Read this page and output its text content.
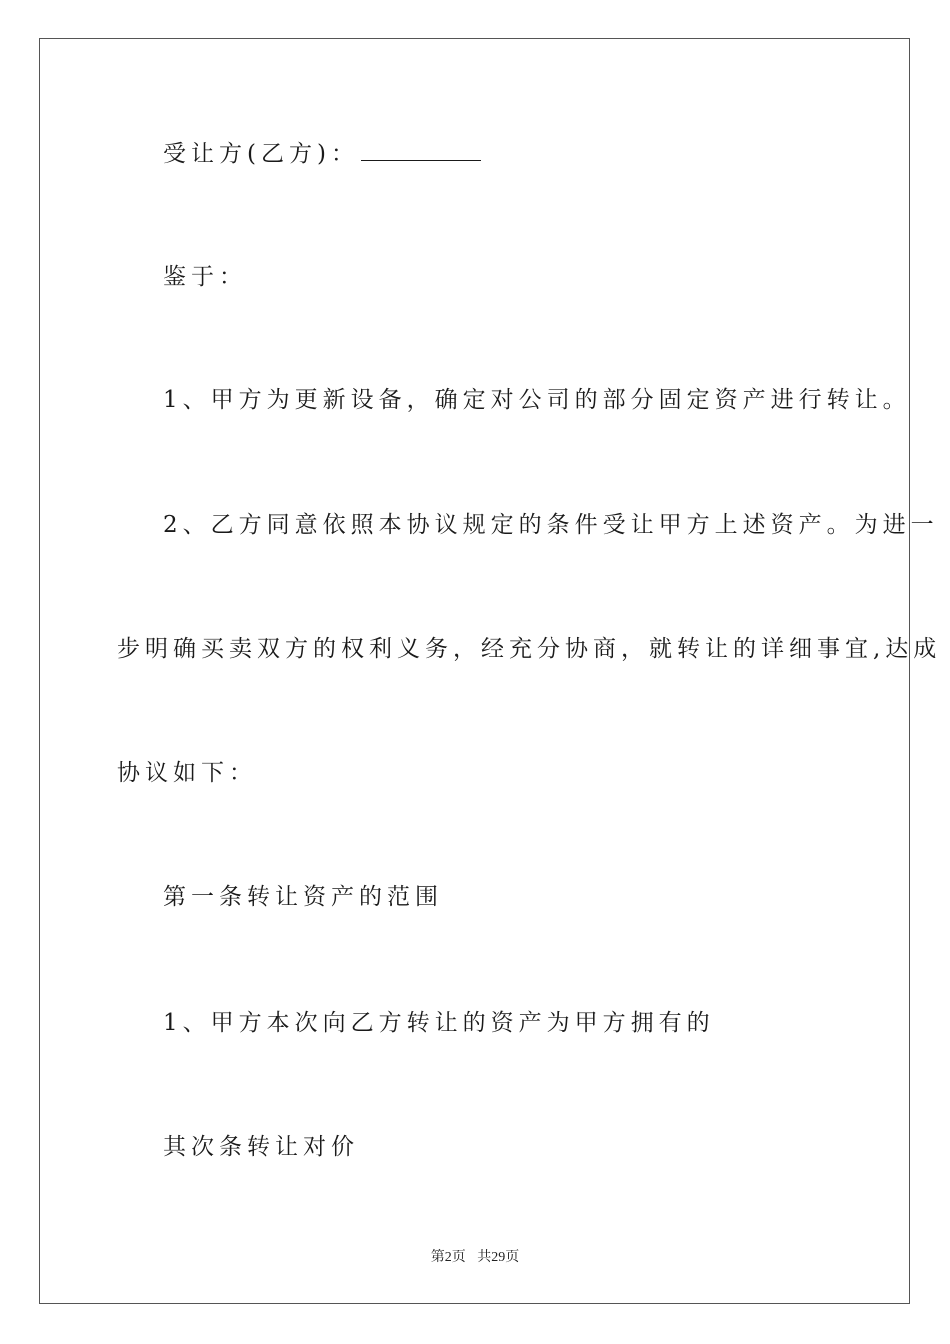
受让方(乙方)：
鉴于：
1、甲方为更新设备，确定对公司的部分固定资产进行转让。
2、乙方同意依照本协议规定的条件受让甲方上述资产。为进一
步明确买卖双方的权利义务，经充分协商，就转让的详细事宜,达成
协议如下：
第一条转让资产的范围
1、甲方本次向乙方转让的资产为甲方拥有的
其次条转让对价
第2页 共29页
